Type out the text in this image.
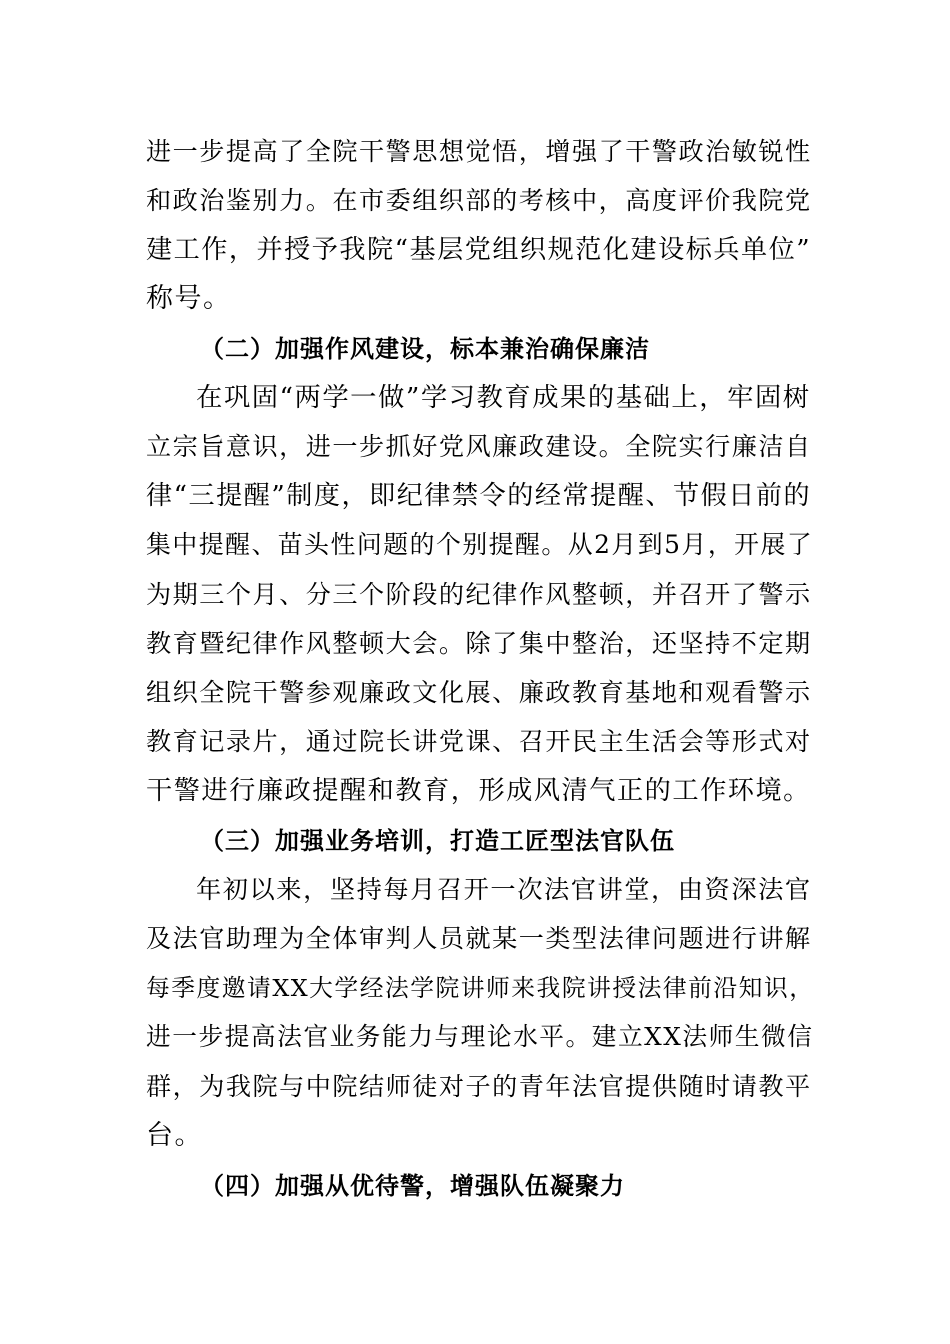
进一步提高了全院干警思想觉悟，增强了干警政治敏锐性
和政治鉴别力。在市委组织部的考核中，高度评价我院党
建工作，并授予我院“基层党组织规范化建设标兵单位”
称号。
（二）加强作风建设，标本兼治确保廉洁
在巩固“两学一做”学习教育成果的基础上，牢固树
立宗旨意识，进一步抓好党风廉政建设。全院实行廉洁自
律“三提醒”制度，即纪律禁令的经常提醒、节假日前的
集中提醒、苗头性问题的个别提醒。从2月到5月，开展了
为期三个月、分三个阶段的纪律作风整顿，并召开了警示
教育暨纪律作风整顿大会。除了集中整治，还坚持不定期
组织全院干警参观廉政文化展、廉政教育基地和观看警示
教育记录片，通过院长讲党课、召开民主生活会等形式对
干警进行廉政提醒和教育，形成风清气正的工作环境。
（三）加强业务培训，打造工匠型法官队伍
年初以来，坚持每月召开一次法官讲堂，由资深法官
及法官助理为全体审判人员就某一类型法律问题进行讲解
每季度邀请XX大学经法学院讲师来我院讲授法律前沿知识，
进一步提高法官业务能力与理论水平。建立XX法师生微信
群，为我院与中院结师徒对子的青年法官提供随时请教平
台。
（四）加强从优待警，增强队伍凝聚力
